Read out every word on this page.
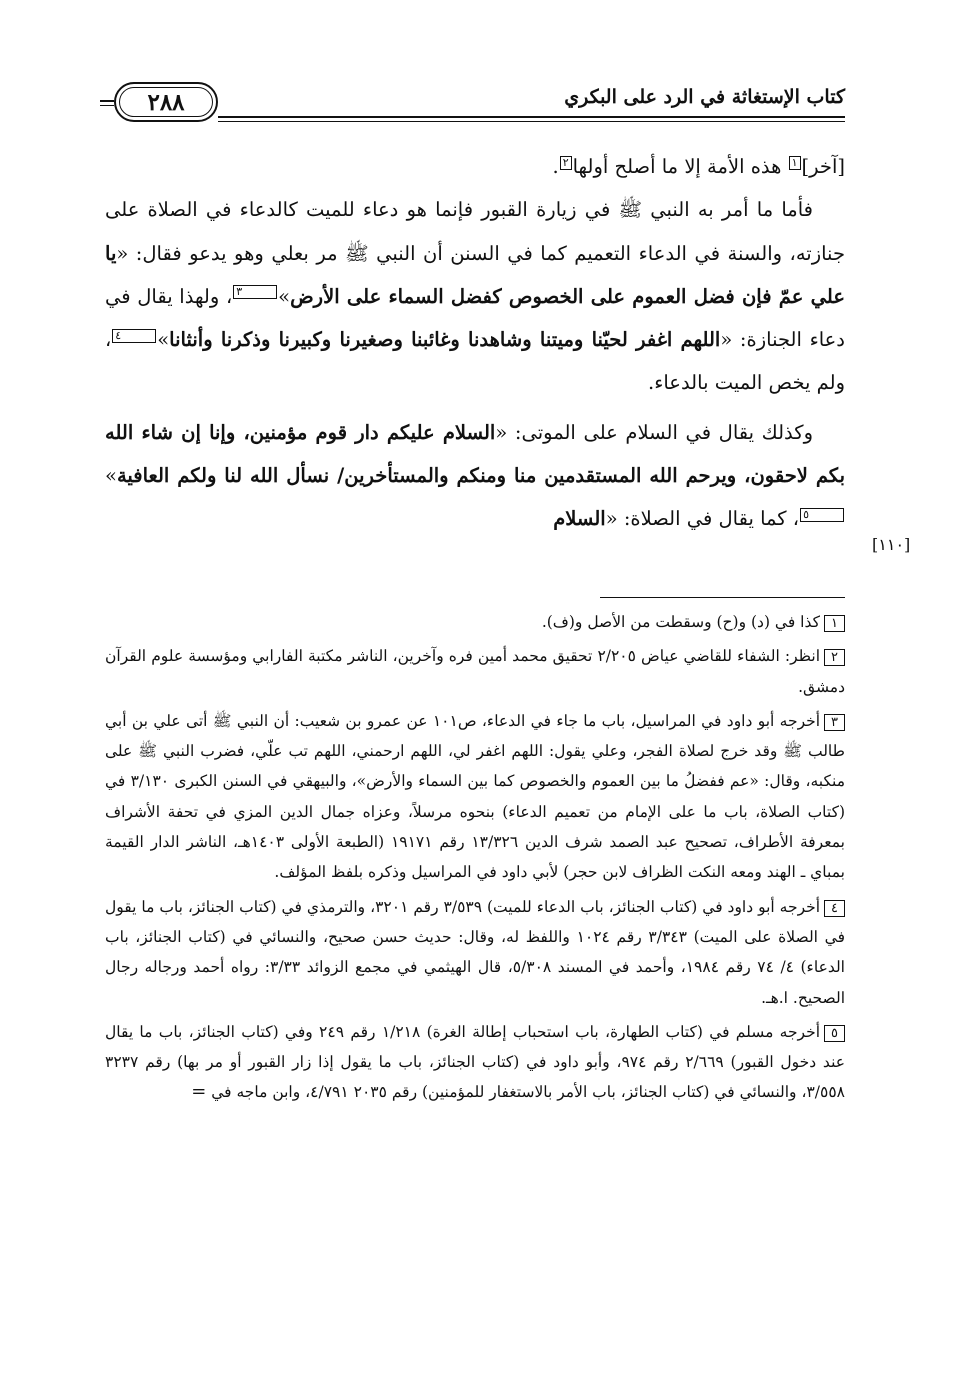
كتاب الإستغاثة في الرد على البكري
٢٨٨
[١١٠]

[آخر]١ هذه الأمة إلا ما أصلح أولها٢.

فأما ما أمر به النبي ﷺ في زيارة القبور فإنما هو دعاء للميت كالدعاء في الصلاة على جنازته، والسنة في الدعاء التعميم كما في السنن أن النبي ﷺ مر بعلي وهو يدعو فقال: «يا علي عمّ فإن فضل العموم على الخصوص كفضل السماء على الأرض»٣، ولهذا يقال في دعاء الجنازة: «اللهم اغفر لحيّنا وميتنا وشاهدنا وغائبنا وصغيرنا وكبيرنا وذكرنا وأنثانا»٤، ولم يخص الميت بالدعاء.

وكذلك يقال في السلام على الموتى: «السلام عليكم دار قوم مؤمنين، وإنا إن شاء الله بكم لاحقون، ويرحم الله المستقدمين منا ومنكم والمستأخرين/ نسأل الله لنا ولكم العافية»٥، كما يقال في الصلاة: «السلام

١كذا في (د) و(ح) وسقطت من الأصل و(ف).

٢انظر: الشفاء للقاضي عياض ٢/٢٠٥ تحقيق محمد أمين فره وآخرين، الناشر مكتبة الفارابي ومؤسسة علوم القرآن دمشق.

٣أخرجه أبو داود في المراسيل، باب ما جاء في الدعاء، ص١٠١ عن عمرو بن شعيب: أن النبي ﷺ أتى علي بن أبي طالب ﷺ وقد خرج لصلاة الفجر، وعلي يقول: اللهم اغفر لي، اللهم ارحمني، اللهم تب علّي، فضرب النبي ﷺ على منكبه، وقال: «عم ففضلُ ما بين العموم والخصوص كما بين السماء والأرض»، والبيهقي في السنن الكبرى ٣/١٣٠ في (كتاب الصلاة، باب ما على الإمام من تعميم الدعاء) بنحوه مرسلاً، وعزاه جمال الدين المزي في تحفة الأشراف بمعرفة الأطراف، تصحيح عبد الصمد شرف الدين ١٣/٣٢٦ رقم ١٩١٧١ (الطبعة الأولى ١٤٠٣هـ، الناشر الدار القيمة بمباي ـ الهند ومعه النكت الظراف لابن حجر) لأبي داود في المراسيل وذكره بلفظ المؤلف.

٤أخرجه أبو داود في (كتاب الجنائز، باب الدعاء للميت) ٣/٥٣٩ رقم ٣٢٠١، والترمذي في (كتاب الجنائز، باب ما يقول في الصلاة على الميت) ٣/٣٤٣ رقم ١٠٢٤ واللفظ له، وقال: حديث حسن صحيح، والنسائي في (كتاب الجنائز، باب الدعاء) ٤/ ٧٤ رقم ١٩٨٤، وأحمد في المسند ٥/٣٠٨، قال الهيثمي في مجمع الزوائد ٣/٣٣: رواه أحمد ورجاله رجال الصحيح. ا.هـ.

٥أخرجه مسلم في (كتاب الطهارة، باب استحباب إطالة الغرة) ١/٢١٨ رقم ٢٤٩ وفي (كتاب الجنائز، باب ما يقال عند دخول القبور) ٢/٦٦٩ رقم ٩٧٤، وأبو داود في (كتاب الجنائز، باب ما يقول إذا زار القبور أو مر بها) رقم ٣٢٣٧ ٣/٥٥٨، والنسائي في (كتاب الجنائز، باب الأمر بالاستغفار للمؤمنين) رقم ٢٠٣٥ ٤/٧٩١، وابن ماجه في =
